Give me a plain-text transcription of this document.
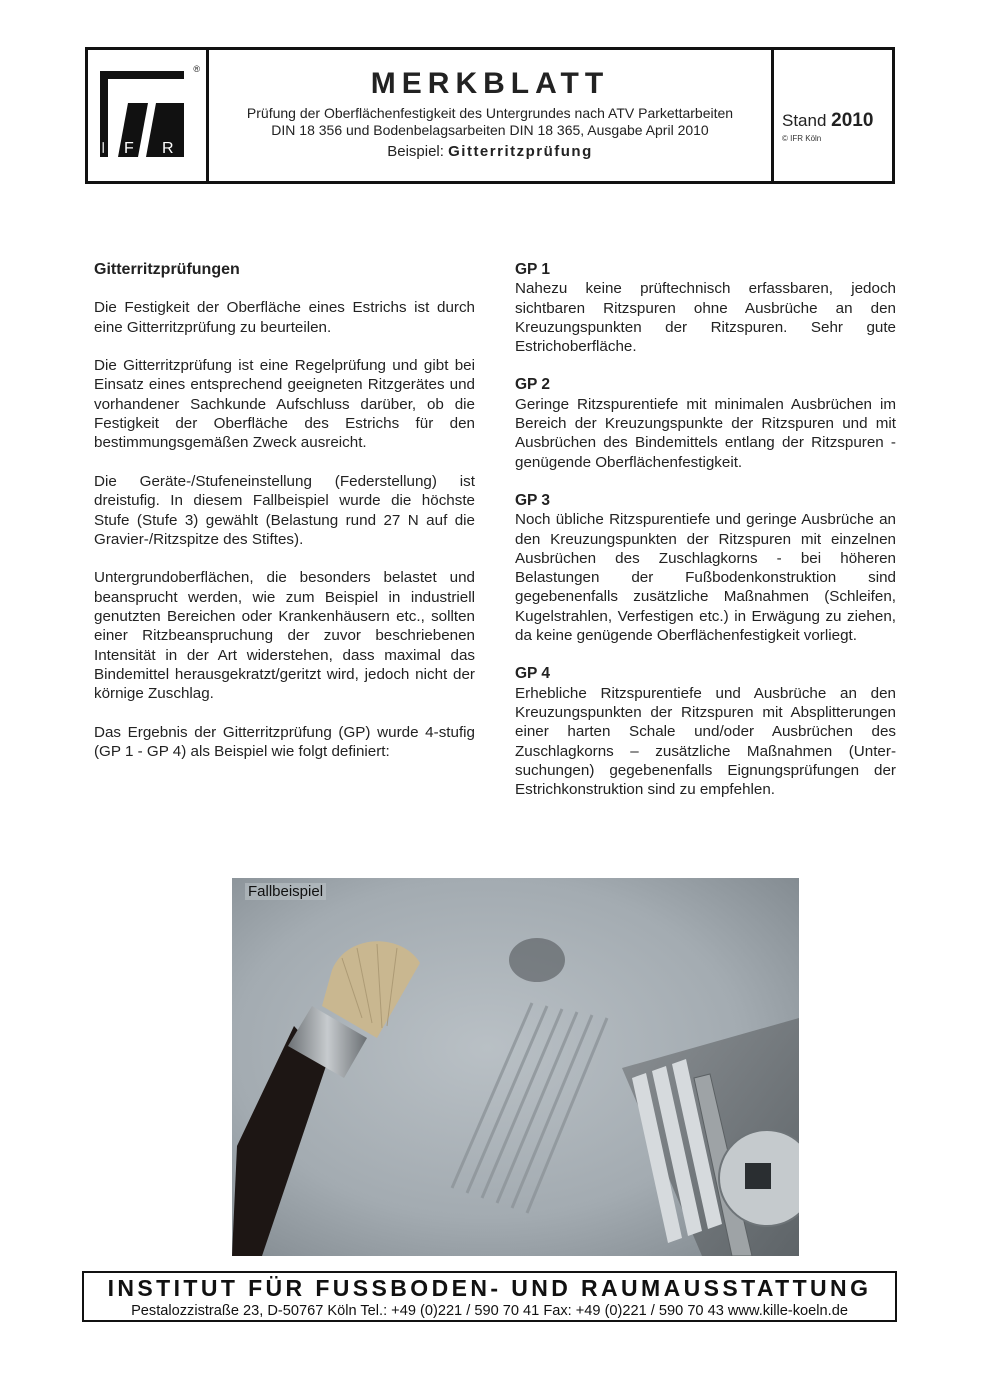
I F R
®	MERKBLATT
Prüfung der Oberflächenfestigkeit des Untergrundes nach ATV Parkettarbeiten
DIN 18 356 und Bodenbelagsarbeiten DIN 18 365, Ausgabe April 2010
Beispiel: Gitterritzprüfung
Stand 2010
© IFR Köln
Gitterritzprüfungen

Die Festigkeit der Oberfläche eines Estrichs ist durch eine Gitterritzprüfung zu beurteilen.

Die Gitterritzprüfung ist eine Regelprüfung und gibt bei Einsatz eines entsprechend geeigneten Ritzgerätes und vorhandener Sachkunde Aufschluss darüber, ob die Festigkeit der Oberfläche des Estrichs für den bestimmungsgemäßen Zweck ausreicht.

Die Geräte-/Stufeneinstellung (Federstellung) ist dreistufig. In diesem Fallbeispiel wurde die höchste Stufe (Stufe 3) gewählt (Belastung rund 27 N auf die Gravier-/Ritzspitze des Stiftes).

Untergrundoberflächen, die besonders belastet und beansprucht werden, wie zum Beispiel in industriell genutzten Bereichen oder Krankenhäusern etc., sollten einer Ritzbeanspruchung der zuvor beschriebenen Intensität in der Art widerstehen, dass maximal das Bindemittel herausgekratzt/geritzt wird, jedoch nicht der körnige Zuschlag.

Das Ergebnis der Gitterritzprüfung (GP) wurde 4-stufig (GP 1 - GP 4) als Beispiel wie folgt definiert:

GP 1

Nahezu keine prüftechnisch erfassbaren, jedoch sichtbaren Ritzspuren ohne Ausbrüche an den Kreuzungspunkten der Ritzspuren. Sehr gute Estrichoberfläche.

GP 2

Geringe Ritzspurentiefe mit minimalen Ausbrüchen im Bereich der Kreuzungspunkte der Ritzspuren und mit Ausbrüchen des Bindemittels entlang der Ritzspuren - genügende Oberflächenfestigkeit.

GP 3

Noch übliche Ritzspurentiefe und geringe Ausbrüche an den Kreuzungspunkten der Ritzspuren mit einzelnen Ausbrüchen des Zuschlagkorns - bei höheren Belastungen der Fußbodenkonstruktion sind gegebenenfalls zusätzliche Maßnahmen (Schleifen, Kugelstrahlen, Verfestigen etc.) in Erwägung zu ziehen, da keine genügende Oberflächenfestigkeit vorliegt.

GP 4

Erhebliche Ritzspurentiefe und Ausbrüche an den Kreuzungspunkten der Ritzspuren mit Absplitterungen einer harten Schale und/oder Ausbrüchen des Zuschlagkorns – zusätzliche Maßnahmen (Untersuchungen) gegebenenfalls Eignungsprüfungen der Estrichkonstruktion sind zu empfehlen.

Fallbeispiel
INSTITUT FÜR FUSSBODEN- UND RAUMAUSSTATTUNG
Pestalozzistraße 23, D-50767 Köln Tel.: +49 (0)221 / 590 70 41 Fax: +49 (0)221 / 590 70 43 www.kille-koeln.de
